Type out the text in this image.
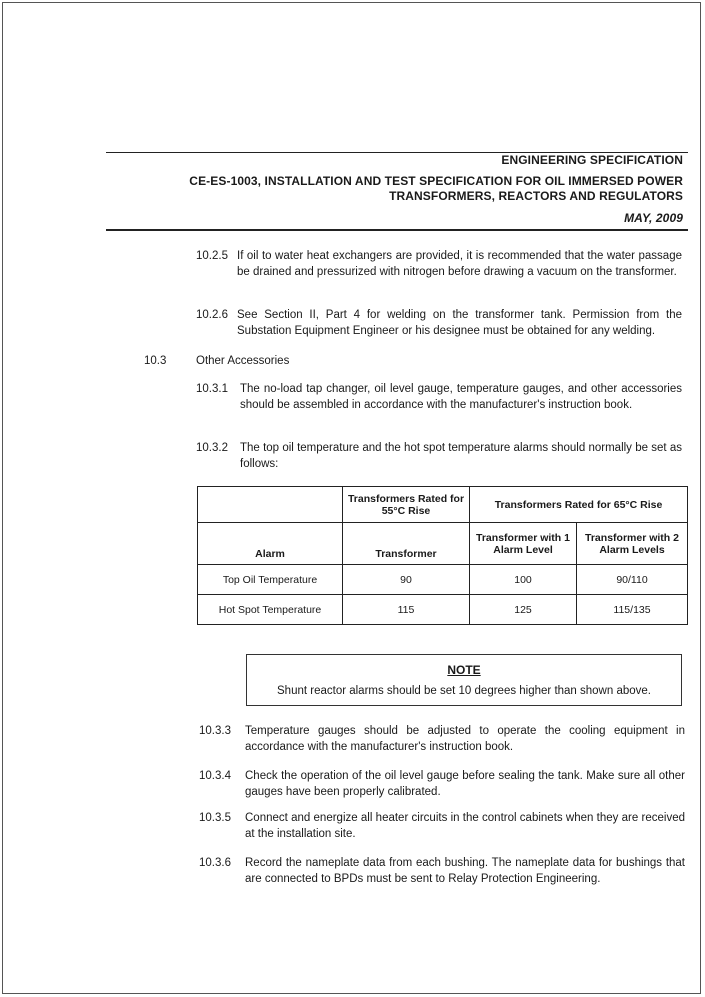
ENGINEERING SPECIFICATION
CE-ES-1003, INSTALLATION AND TEST SPECIFICATION FOR OIL IMMERSED POWER
TRANSFORMERS, REACTORS AND REGULATORS
MAY, 2009
10.2.5 If oil to water heat exchangers are provided, it is recommended that the water passage be drained and pressurized with nitrogen before drawing a vacuum on the transformer.
10.2.6 See Section II, Part 4 for welding on the transformer tank. Permission from the Substation Equipment Engineer or his designee must be obtained for any welding.
10.3	Other Accessories
10.3.1 The no-load tap changer, oil level gauge, temperature gauges, and other accessories should be assembled in accordance with the manufacturer's instruction book.
10.3.2 The top oil temperature and the hot spot temperature alarms should normally be set as follows:
	Transformers Rated for 55°C Rise	Transformers Rated for 65°C Rise	
Alarm	Transformer	Transformer with 1 Alarm Level	Transformer with 2 Alarm Levels
Top Oil Temperature	90	100	90/110
Hot Spot Temperature	115	125	115/135
NOTE
Shunt reactor alarms should be set 10 degrees higher than shown above.
10.3.3 Temperature gauges should be adjusted to operate the cooling equipment in accordance with the manufacturer's instruction book.
10.3.4 Check the operation of the oil level gauge before sealing the tank. Make sure all other gauges have been properly calibrated.
10.3.5 Connect and energize all heater circuits in the control cabinets when they are received at the installation site.
10.3.6 Record the nameplate data from each bushing. The nameplate data for bushings that are connected to BPDs must be sent to Relay Protection Engineering.
